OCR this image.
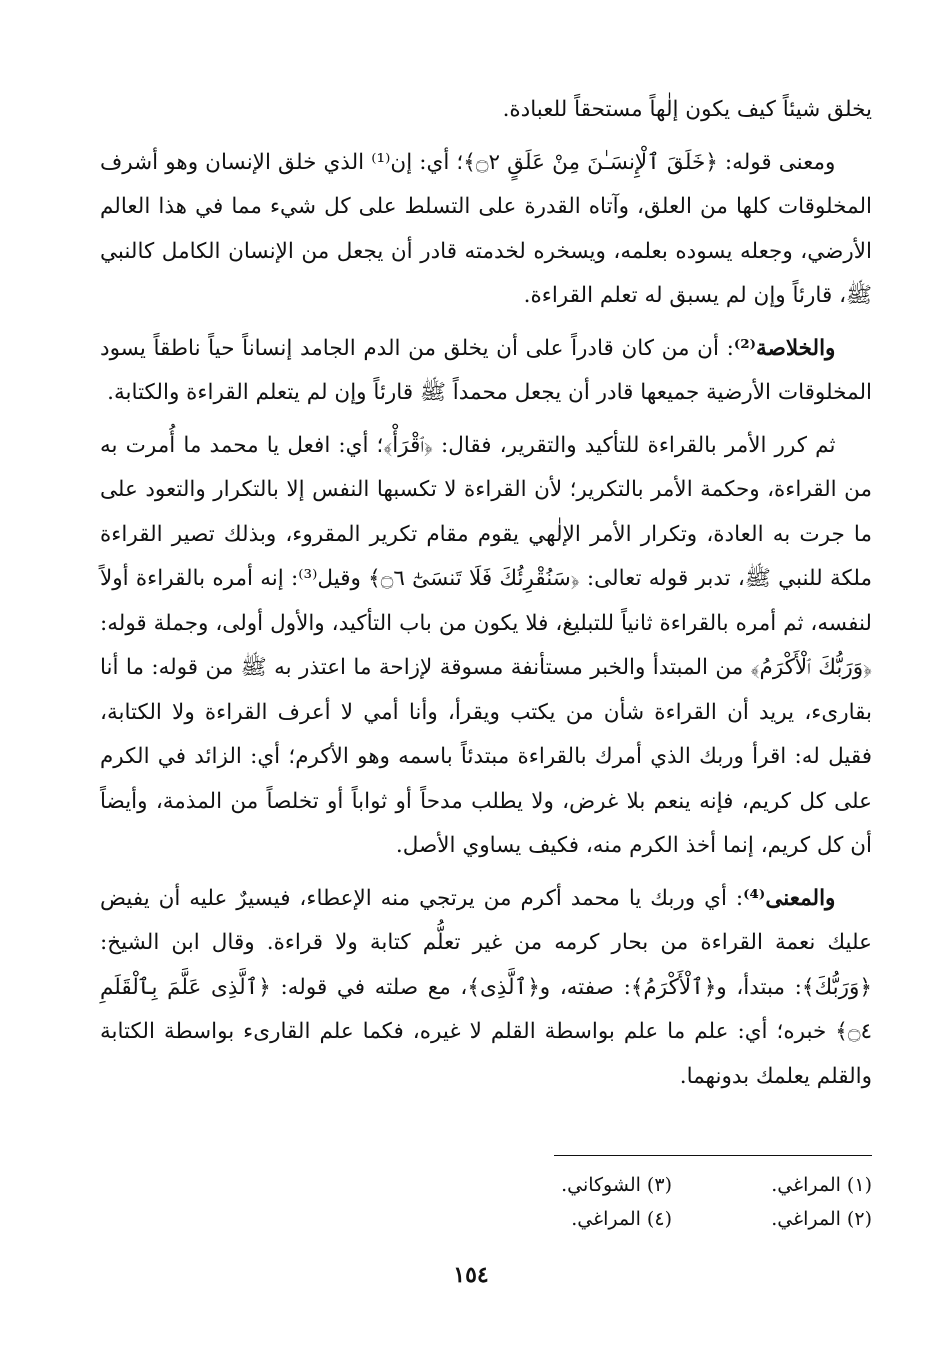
يخلق شيئاً كيف يكون إلٰهاً مستحقاً للعبادة.

ومعنى قوله: ﴿خَلَقَ ٱلْإِنسَـٰنَ مِنْ عَلَقٍ ۝٢﴾؛ أي: إن⁽¹⁾ الذي خلق الإنسان وهو أشرف المخلوقات كلها من العلق، وآتاه القدرة على التسلط على كل شيء مما في هذا العالم الأرضي، وجعله يسوده بعلمه، ويسخره لخدمته قادر أن يجعل من الإنسان الكامل كالنبي ﷺ، قارئاً وإن لم يسبق له تعلم القراءة.

والخلاصة⁽²⁾: أن من كان قادراً على أن يخلق من الدم الجامد إنساناً حياً ناطقاً يسود المخلوقات الأرضية جميعها قادر أن يجعل محمداً ﷺ قارئاً وإن لم يتعلم القراءة والكتابة.

ثم كرر الأمر بالقراءة للتأكيد والتقرير، فقال: ﴿ٱقْرَأْ﴾؛ أي: افعل يا محمد ما أُمرت به من القراءة، وحكمة الأمر بالتكرير؛ لأن القراءة لا تكسبها النفس إلا بالتكرار والتعود على ما جرت به العادة، وتكرار الأمر الإلٰهي يقوم مقام تكرير المقروء، وبذلك تصير القراءة ملكة للنبي ﷺ، تدبر قوله تعالى: ﴿سَنُقْرِئُكَ فَلَا تَنسَىٰٓ ۝٦﴾ وقيل⁽³⁾: إنه أمره بالقراءة أولاً لنفسه، ثم أمره بالقراءة ثانياً للتبليغ، فلا يكون من باب التأكيد، والأول أولى، وجملة قوله: ﴿وَرَبُّكَ ٱلْأَكْرَمُ﴾ من المبتدأ والخبر مستأنفة مسوقة لإزاحة ما اعتذر به ﷺ من قوله: ما أنا بقارىء، يريد أن القراءة شأن من يكتب ويقرأ، وأنا أمي لا أعرف القراءة ولا الكتابة، فقيل له: اقرأ وربك الذي أمرك بالقراءة مبتدئاً باسمه وهو الأكرم؛ أي: الزائد في الكرم على كل كريم، فإنه ينعم بلا غرض، ولا يطلب مدحاً أو ثواباً أو تخلصاً من المذمة، وأيضاً أن كل كريم، إنما أخذ الكرم منه، فكيف يساوي الأصل.

والمعنى⁽⁴⁾: أي وربك يا محمد أكرم من يرتجي منه الإعطاء، فيسيرٌ عليه أن يفيض عليك نعمة القراءة من بحار كرمه من غير تعلُّم كتابة ولا قراءة. وقال ابن الشيخ: ﴿وَرَبُّكَ﴾: مبتدأ، و﴿ٱلْأَكْرَمُ﴾: صفته، و﴿ٱلَّذِى﴾، مع صلته في قوله: ﴿ٱلَّذِى عَلَّمَ بِٱلْقَلَمِ ۝٤﴾ خبره؛ أي: علم ما علم بواسطة القلم لا غيره، فكما علم القارىء بواسطة الكتابة والقلم يعلمك بدونهما.

(١) المراغي.
(٣) الشوكاني.
(٢) المراغي.
(٤) المراغي.
١٥٤
